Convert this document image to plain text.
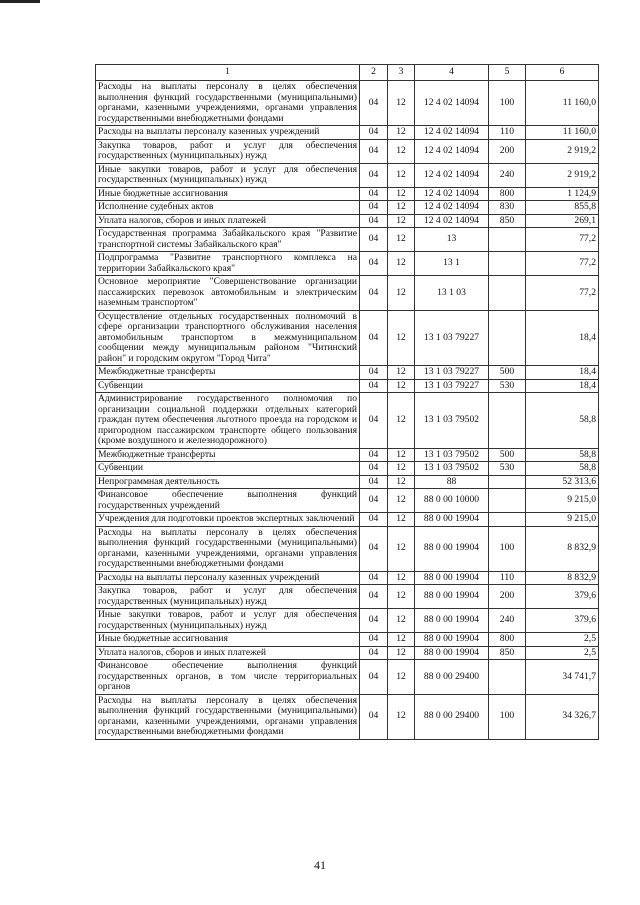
1	2	3	4	5	6
Расходы на выплаты персоналу в целях обеспечения выполнения функций государственными (муниципальными) органами, казенными учреждениями, органами управления государственными внебюджетными фондами	04	12	12 4 02 14094	100	11 160,0
Расходы на выплаты персоналу казенных учреждений	04	12	12 4 02 14094	110	11 160,0
Закупка товаров, работ и услуг для обеспечения государственных (муниципальных) нужд	04	12	12 4 02 14094	200	2 919,2
Иные закупки товаров, работ и услуг для обеспечения государственных (муниципальных) нужд	04	12	12 4 02 14094	240	2 919,2
Иные бюджетные ассигнования	04	12	12 4 02 14094	800	1 124,9
Исполнение судебных актов	04	12	12 4 02 14094	830	855,8
Уплата налогов, сборов и иных платежей	04	12	12 4 02 14094	850	269,1
Государственная программа Забайкальского края "Развитие транспортной системы Забайкальского края"	04	12	13		77,2
Подпрограмма "Развитие транспортного комплекса на территории Забайкальского края"	04	12	13 1		77,2
Основное мероприятие "Совершенствование организации пассажирских перевозок автомобильным и электрическим наземным транспортом"	04	12	13 1 03		77,2
Осуществление отдельных государственных полномочий в сфере организации транспортного обслуживания населения автомобильным транспортом в межмуниципальном сообщении между муниципальным районом "Читинский район" и городским округом "Город Чита"	04	12	13 1 03 79227		18,4
Межбюджетные трансферты	04	12	13 1 03 79227	500	18,4
Субвенции	04	12	13 1 03 79227	530	18,4
Администрирование государственного полномочия по организации социальной поддержки отдельных категорий граждан путем обеспечения льготного проезда на городском и пригородном пассажирском транспорте общего пользования (кроме воздушного и железнодорожного)	04	12	13 1 03 79502		58,8
Межбюджетные трансферты	04	12	13 1 03 79502	500	58,8
Субвенции	04	12	13 1 03 79502	530	58,8
Непрограммная деятельность	04	12	88		52 313,6
Финансовое обеспечение выполнения функций государственных учреждений	04	12	88 0 00 10000		9 215,0
Учреждения для подготовки проектов экспертных заключений	04	12	88 0 00 19904		9 215,0
Расходы на выплаты персоналу в целях обеспечения выполнения функций государственными (муниципальными) органами, казенными учреждениями, органами управления государственными внебюджетными фондами	04	12	88 0 00 19904	100	8 832,9
Расходы на выплаты персоналу казенных учреждений	04	12	88 0 00 19904	110	8 832,9
Закупка товаров, работ и услуг для обеспечения государственных (муниципальных) нужд	04	12	88 0 00 19904	200	379,6
Иные закупки товаров, работ и услуг для обеспечения государственных (муниципальных) нужд	04	12	88 0 00 19904	240	379,6
Иные бюджетные ассигнования	04	12	88 0 00 19904	800	2,5
Уплата налогов, сборов и иных платежей	04	12	88 0 00 19904	850	2,5
Финансовое обеспечение выполнения функций государственных органов, в том числе территориальных органов	04	12	88 0 00 29400		34 741,7
Расходы на выплаты персоналу в целях обеспечения выполнения функций государственными (муниципальными) органами, казенными учреждениями, органами управления государственными внебюджетными фондами	04	12	88 0 00 29400	100	34 326,7
41
